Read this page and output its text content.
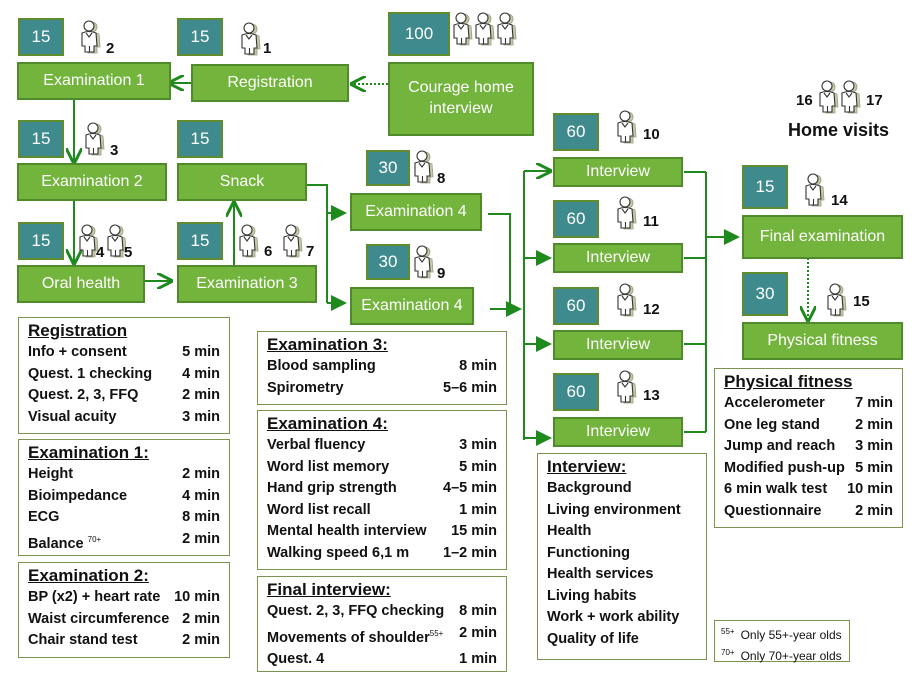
15	15	100
15	15
15	15
30
30
60
60
60
60
15
30
Examination 1	Registration	Courage home interview
Examination 2	Snack
Oral health	Examination 3
Examination 4
Examination 4
Interview
Interview
Interview
Interview
Final examination
Physical fitness
2	1
3
4 5	6 7
8
9
10
11
12
13
14
15
16	17
Home visits
Registration
Info + consent	5 min
Quest. 1 checking 4 min
Quest. 2, 3, FFQ	2 min
Visual acuity	3 min
Examination 1:
Height	2 min
Bioimpedance	4 min
ECG	8 min
Balance $^{70+}$	2 min
Examination 2:
BP (x2) + heart rate 10 min
Waist circumference 2 min
Chair stand test	2 min
Examination 3:
Blood sampling	8 min
Spirometry	5–6 min
Examination 4:
Verbal fluency	3 min
Word list memory	5 min
Hand grip strength	4–5 min
Word list recall	1 min
Mental health interview 15 min
Walking speed 6,1 m 1–2 min
Final interview:
Quest. 2, 3, FFQ checking 8 min
Movements of shoulder$^{55+}$ 2 min
Quest. 4	1 min
Interview:
Background
Living environment
Health
Functioning
Health services
Living habits
Work + work ability
Quality of life
Physical fitness
Accelerometer 7 min
One leg stand 2 min
Jump and reach 3 min
Modified push-up 5 min
6 min walk test 10 min
Questionnaire 2 min
$^{55+}$ Only 55+-year olds
$^{70+}$ Only 70+-year olds
